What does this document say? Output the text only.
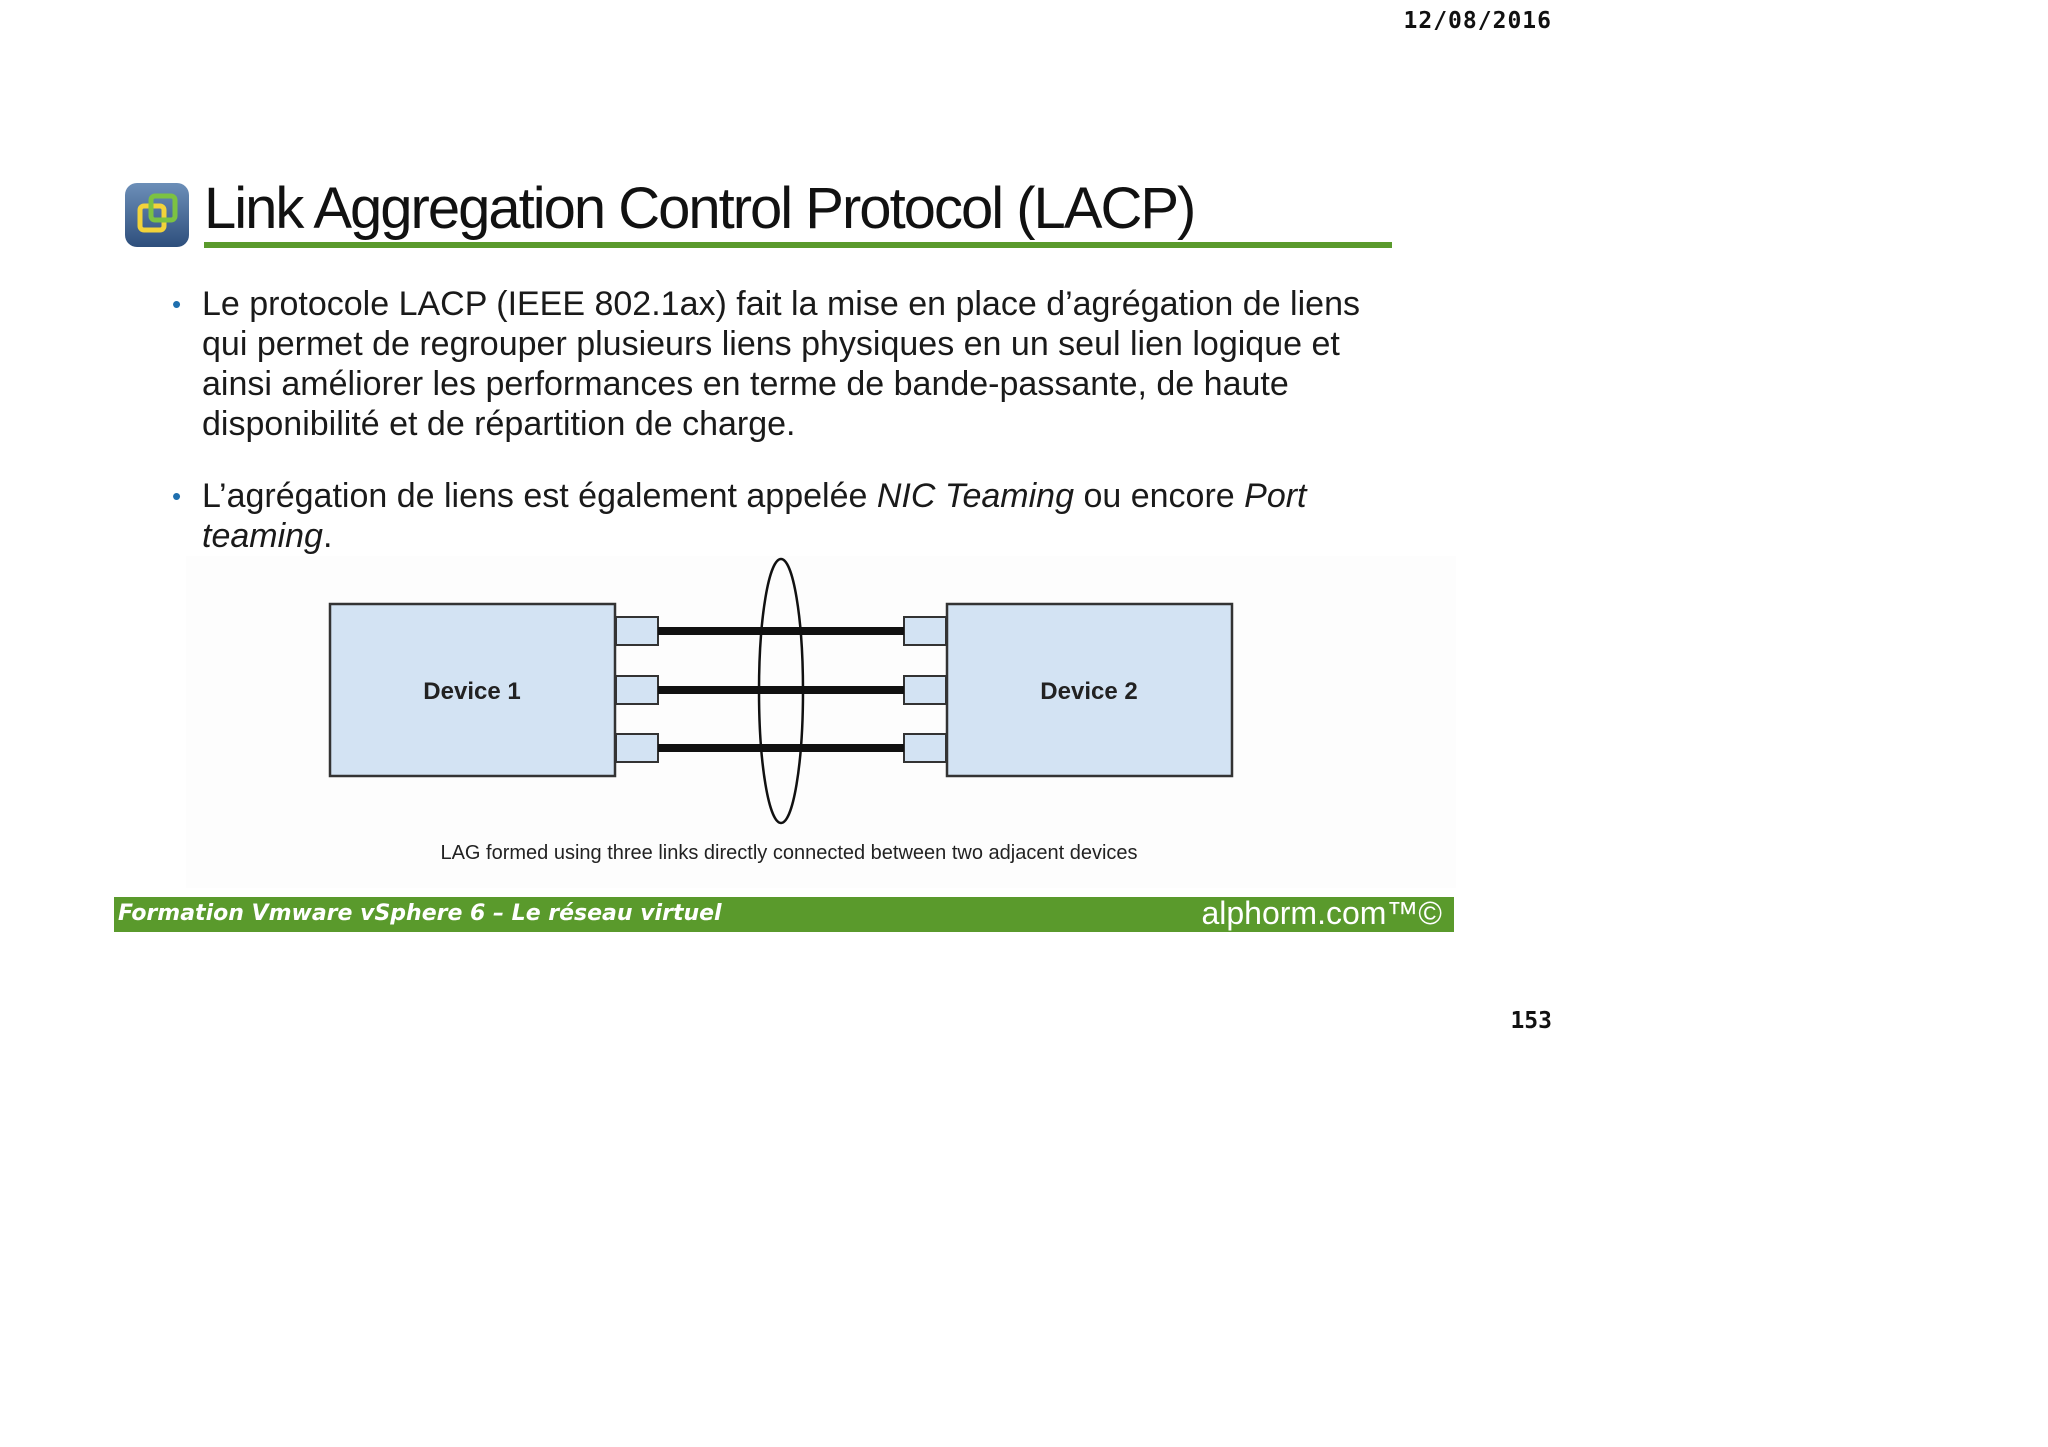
12/08/2016
Link Aggregation Control Protocol (LACP)
• Le protocole LACP (IEEE 802.1ax) fait la mise en place d’agrégation de liens qui permet de regrouper plusieurs liens physiques en un seul lien logique et ainsi améliorer les performances en terme de bande-passante, de haute disponibilité et de répartition de charge.
• L’agrégation de liens est également appelée NIC Teaming ou encore Port teaming.
Device 1	Device 2
LAG formed using three links directly connected between two adjacent devices
Formation Vmware vSphere 6 – Le réseau virtuel	alphorm.com™©
153
